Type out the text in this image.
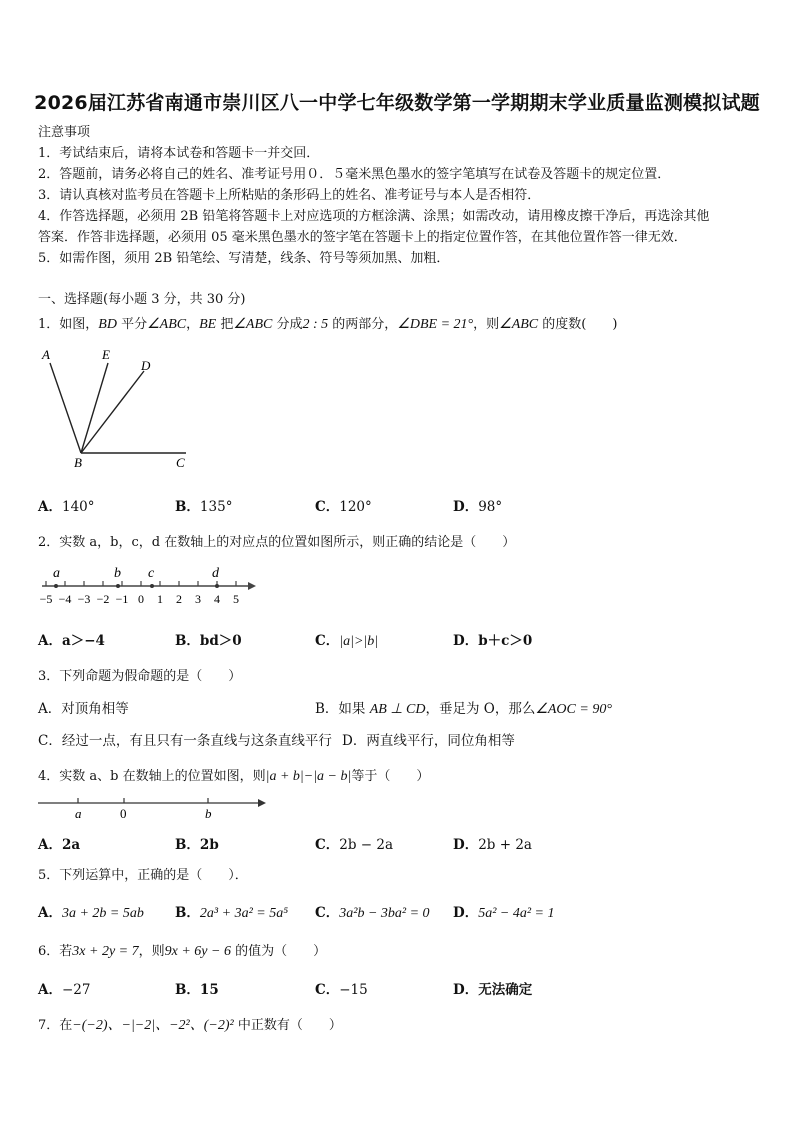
2026届江苏省南通市崇川区八一中学七年级数学第一学期期末学业质量监测模拟试题
注意事项
1．考试结束后，请将本试卷和答题卡一并交回．
2．答题前，请务必将自己的姓名、准考证号用０．５毫米黑色墨水的签字笔填写在试卷及答题卡的规定位置．
3．请认真核对监考员在答题卡上所粘贴的条形码上的姓名、准考证号与本人是否相符．
4．作答选择题，必须用 2B 铅笔将答题卡上对应选项的方框涂满、涂黑；如需改动，请用橡皮擦干净后，再选涂其他
答案．作答非选择题，必须用 05 毫米黑色墨水的签字笔在答题卡上的指定位置作答，在其他位置作答一律无效．
5．如需作图，须用 2B 铅笔绘、写清楚，线条、符号等须加黑、加粗．
一、选择题(每小题 3 分，共 30 分)
1．如图，BD 平分∠ABC，BE 把∠ABC 分成2 : 5 的两部分，∠DBE = 21°，则∠ABC 的度数(　　)
A	E
D
B	C
A．140°	B．135°	C．120°	D．98°
2．实数 a，b，c，d 在数轴上的对应点的位置如图所示，则正确的结论是（　　）
a	b c	d
−5 −4 −3 −2 −1 0 1 2 3 4 5
A．a＞−4	B．bd＞0	C．|a|>|b|	D．b＋c＞0
3．下列命题为假命题的是（　　）
A．对顶角相等	B．如果 AB ⊥ CD，垂足为 O，那么∠AOC = 90°
C．经过一点，有且只有一条直线与这条直线平行 D．两直线平行，同位角相等
4．实数 a、b 在数轴上的位置如图，则|a + b|−|a − b|等于（　　）
a	0	b
A．2a	B．2b	C．2b − 2a	D．2b + 2a
5．下列运算中，正确的是（　　）．
A．3a + 2b = 5ab B．2a³ + 3a² = 5a⁵ C．3a²b − 3ba² = 0 D．5a² − 4a² = 1
6．若3x + 2y = 7，则9x + 6y − 6 的值为（　　）
A．−27	B．15	C．−15	D．无法确定
7．在−(−2)、−|−2|、−2²、(−2)² 中正数有（　　）
